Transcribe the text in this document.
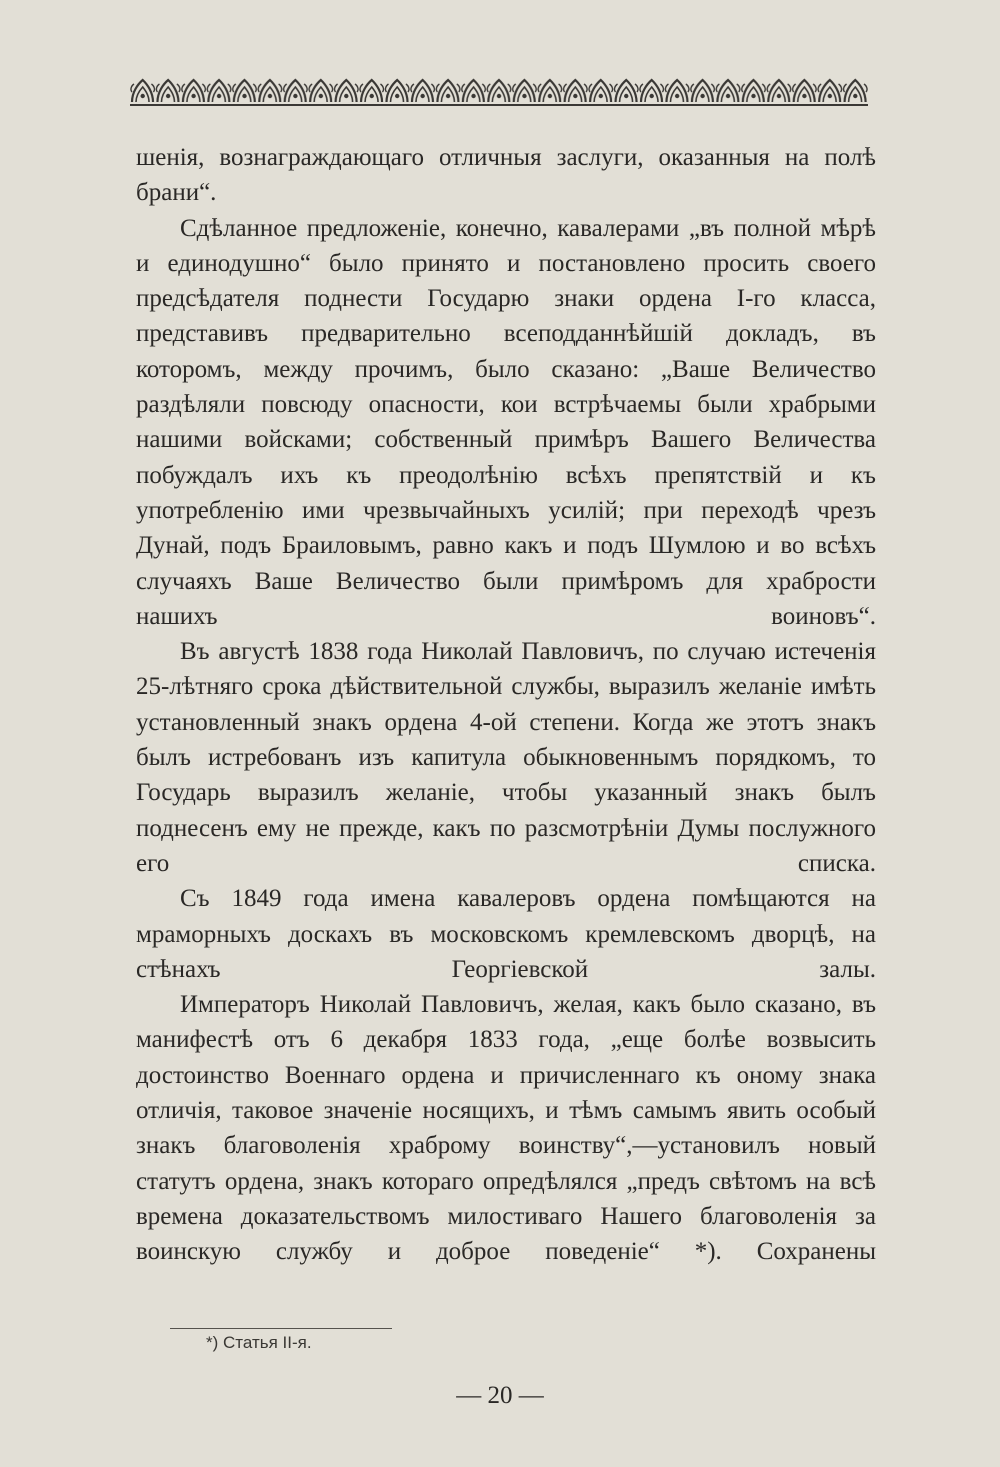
шенія, вознаграждающаго отличныя заслуги, оказанныя на полѣ брани“.

Сдѣланное предложеніе, конечно, кавалерами „въ полной мѣрѣ и единодушно“ было принято и постановлено просить своего предсѣдателя поднести Государю знаки ордена I-го класса, представивъ предварительно всеподданнѣйшій докладъ, въ которомъ, между прочимъ, было сказано: „Ваше Величество раздѣляли повсюду опасности, кои встрѣчаемы были храбрыми нашими войсками; собственный примѣръ Вашего Величества побуждалъ ихъ къ преодолѣнію всѣхъ препятствій и къ употребленію ими чрезвычайныхъ усилій; при переходѣ чрезъ Дунай, подъ Браиловымъ, равно какъ и подъ Шумлою и во всѣхъ случаяхъ Ваше Величество были примѣромъ для храбрости нашихъ воиновъ“.

Въ августѣ 1838 года Николай Павловичъ, по случаю истеченія 25-лѣтняго срока дѣйствительной службы, выразилъ желаніе имѣть установленный знакъ ордена 4-ой степени. Когда же этотъ знакъ былъ истребованъ изъ капитула обыкновеннымъ порядкомъ, то Государь выразилъ желаніе, чтобы указанный знакъ былъ поднесенъ ему не прежде, какъ по разсмотрѣніи Думы послужного его списка.

Съ 1849 года имена кавалеровъ ордена помѣщаются на мраморныхъ доскахъ въ московскомъ кремлевскомъ дворцѣ, на стѣнахъ Георгіевской залы.

Императоръ Николай Павловичъ, желая, какъ было сказано, въ манифестѣ отъ 6 декабря 1833 года, „еще болѣе возвысить достоинство Военнаго ордена и причисленнаго къ оному знака отличія, таковое значеніе носящихъ, и тѣмъ самымъ явить особый знакъ благоволенія храброму воинству“,—установилъ новый статутъ ордена, знакъ котораго опредѣлялся „предъ свѣтомъ на всѣ времена доказательствомъ милостиваго Нашего благоволенія за воинскую службу и доброе поведеніе“ *). Сохранены

*) Статья II-я.
— 20 —
